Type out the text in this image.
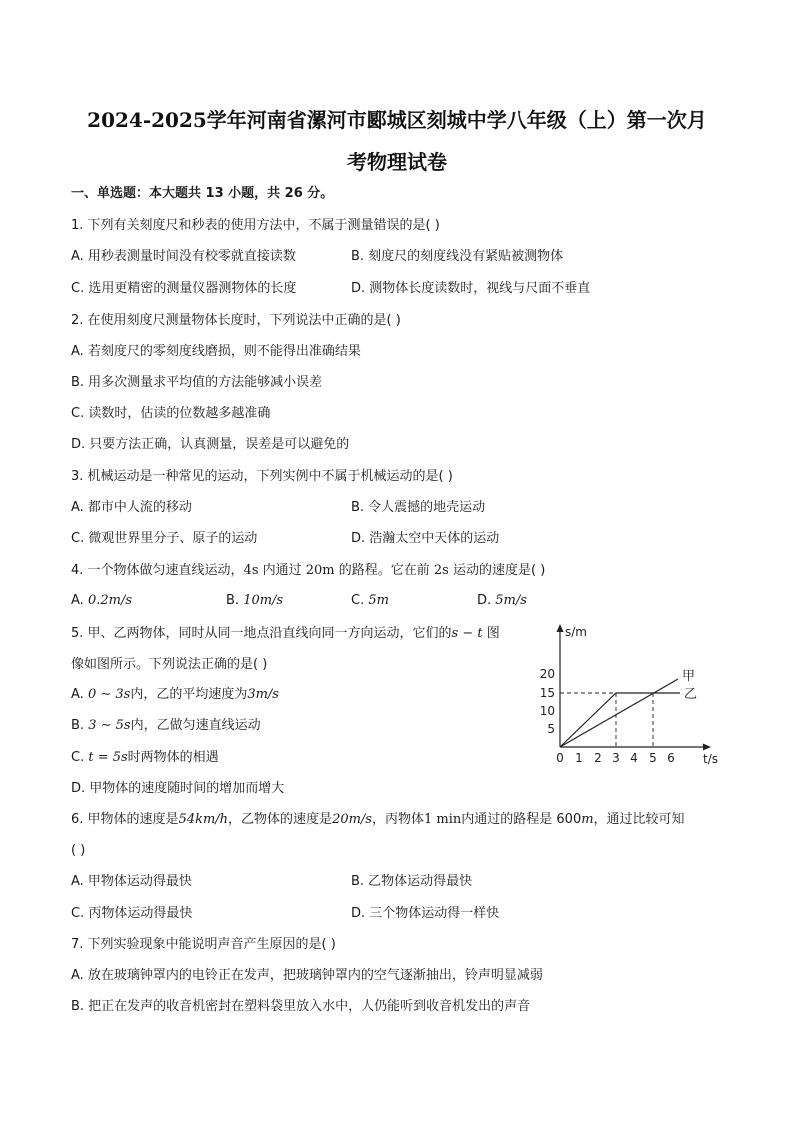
2024-2025学年河南省漯河市郾城区刻城中学八年级（上）第一次月
考物理试卷
一、单选题：本大题共 13 小题，共 26 分。
1. 下列有关刻度尺和秒表的使用方法中，不属于测量错误的是( )
A. 用秒表测量时间没有校零就直接读数	B. 刻度尺的刻度线没有紧贴被测物体
C. 选用更精密的测量仪器测物体的长度	D. 测物体长度读数时，视线与尺面不垂直
2. 在使用刻度尺测量物体长度时，下列说法中正确的是( )
A. 若刻度尺的零刻度线磨损，则不能得出准确结果
B. 用多次测量求平均值的方法能够减小误差
C. 读数时，估读的位数越多越准确
D. 只要方法正确，认真测量，误差是可以避免的
3. 机械运动是一种常见的运动，下列实例中不属于机械运动的是( )
A. 都市中人流的移动	B. 令人震撼的地壳运动
C. 微观世界里分子、原子的运动	D. 浩瀚太空中天体的运动
4. 一个物体做匀速直线运动，4s 内通过 20m 的路程。它在前 2s 运动的速度是( )
A. 0.2m/s	B. 10m/s	C. 5m	D. 5m/s
5. 甲、乙两物体，同时从同一地点沿直线向同一方向运动，它们的s − t 图
像如图所示。下列说法正确的是( )
A. 0 ∼ 3s内，乙的平均速度为3m/s
B. 3 ∼ 5s内，乙做匀速直线运动
C. t = 5s时两物体的相遇
D. 甲物体的速度随时间的增加而增大
s/m
t/s
20
15
10
5
0 1 2 3 4 5 6
甲
乙
6. 甲物体的速度是54km/h，乙物体的速度是20m/s，丙物体1 min内通过的路程是 600m，通过比较可知
( )
A. 甲物体运动得最快	B. 乙物体运动得最快
C. 丙物体运动得最快	D. 三个物体运动得一样快
7. 下列实验现象中能说明声音产生原因的是( )
A. 放在玻璃钟罩内的电铃正在发声，把玻璃钟罩内的空气逐渐抽出，铃声明显减弱
B. 把正在发声的收音机密封在塑料袋里放入水中，人仍能听到收音机发出的声音
